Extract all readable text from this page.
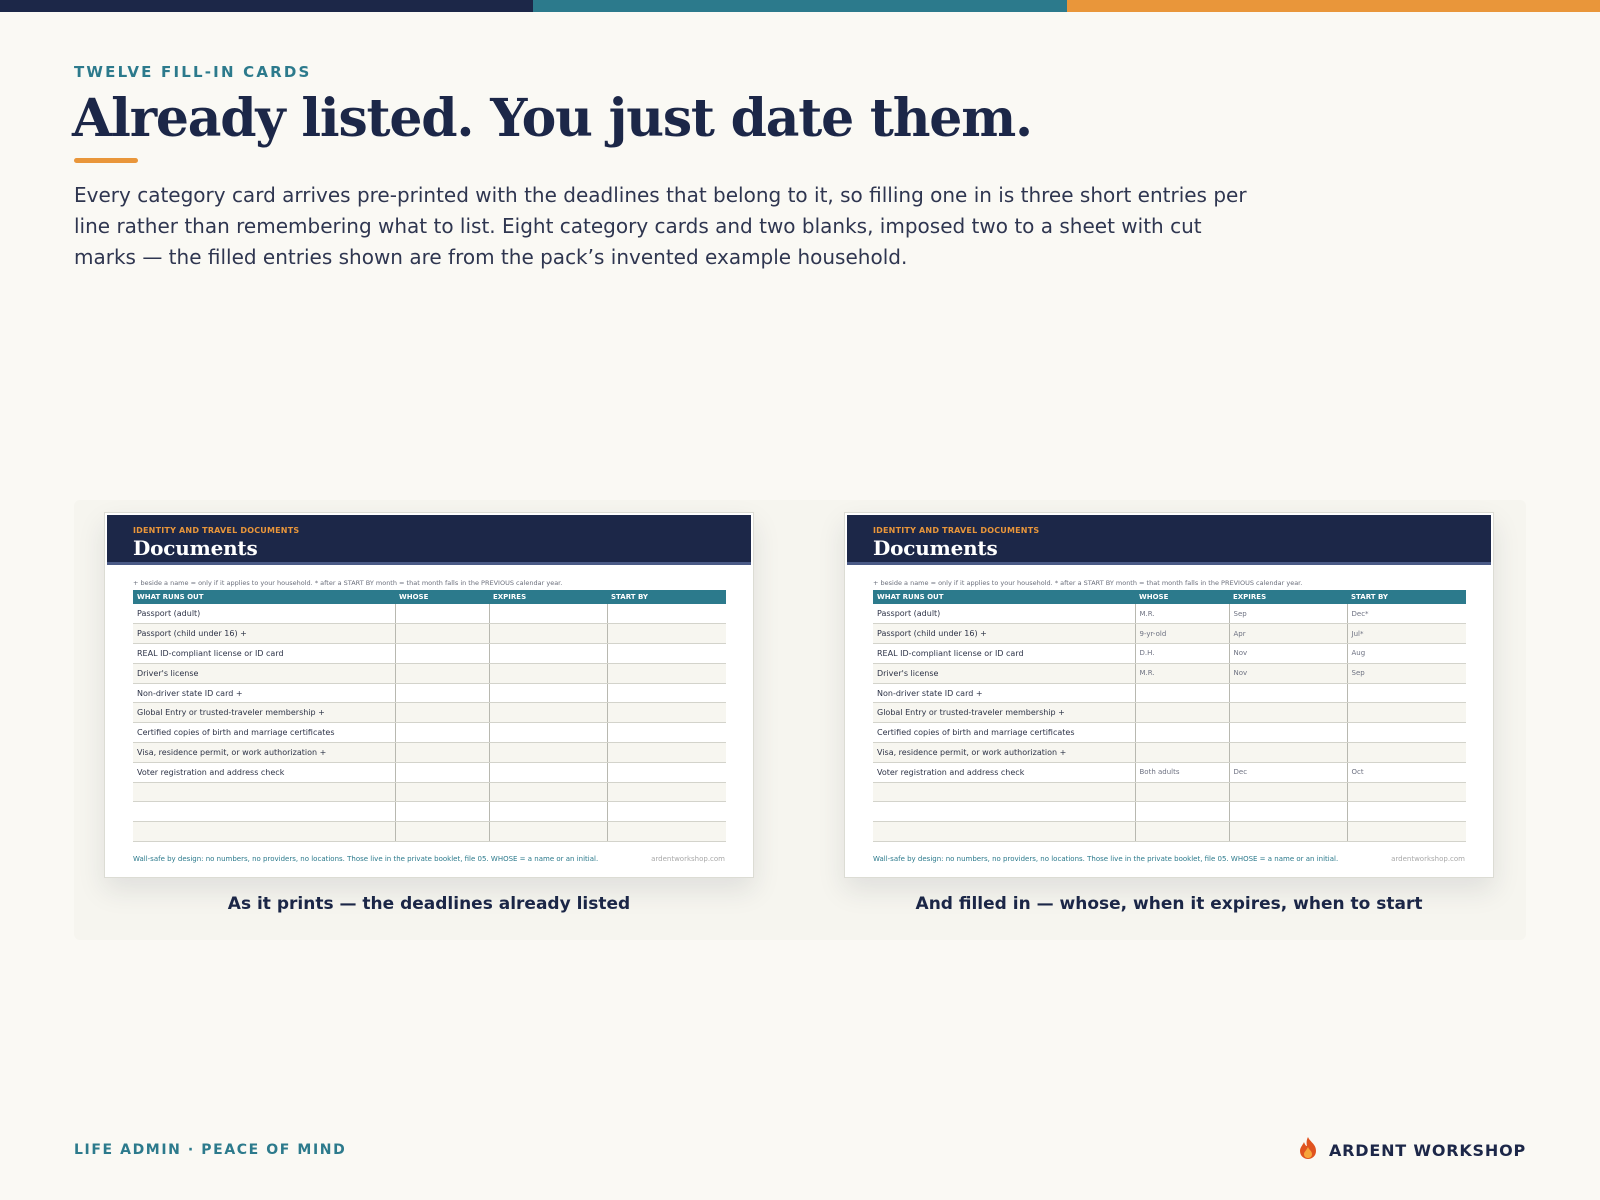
TWELVE FILL-IN CARDS
Already listed. You just date them.

Every category card arrives pre-printed with the deadlines that belong to it, so filling one in is three short entries per line rather than remembering what to list. Eight category cards and two blanks, imposed two to a sheet with cut marks — the filled entries shown are from the pack’s invented example household.

IDENTITY AND TRAVEL DOCUMENTS
Documents
+ beside a name = only if it applies to your household. * after a START BY month = that month falls in the PREVIOUS calendar year.
WHAT RUNS OUT	WHOSE	EXPIRES	START BY
Passport (adult)			
Passport (child under 16) +			
REAL ID-compliant license or ID card			
Driver's license			
Non-driver state ID card +			
Global Entry or trusted-traveler membership +			
Certified copies of birth and marriage certificates			
Visa, residence permit, or work authorization +			
Voter registration and address check			

Wall-safe by design: no numbers, no providers, no locations. Those live in the private booklet, file 05. WHOSE = a name or an initial.	ardentworkshop.com
As it prints — the deadlines already listed
IDENTITY AND TRAVEL DOCUMENTS
Documents
+ beside a name = only if it applies to your household. * after a START BY month = that month falls in the PREVIOUS calendar year.
WHAT RUNS OUT	WHOSE	EXPIRES	START BY
Passport (adult)	M.R.	Sep	Dec*
Passport (child under 16) +	9-yr-old	Apr	Jul*
REAL ID-compliant license or ID card	D.H.	Nov	Aug
Driver's license	M.R.	Nov	Sep
Non-driver state ID card +			
Global Entry or trusted-traveler membership +			
Certified copies of birth and marriage certificates			
Visa, residence permit, or work authorization +			
Voter registration and address check	Both adults	Dec	Oct

Wall-safe by design: no numbers, no providers, no locations. Those live in the private booklet, file 05. WHOSE = a name or an initial.	ardentworkshop.com
And filled in — whose, when it expires, when to start
LIFE ADMIN · PEACE OF MIND	ARDENT WORKSHOP
